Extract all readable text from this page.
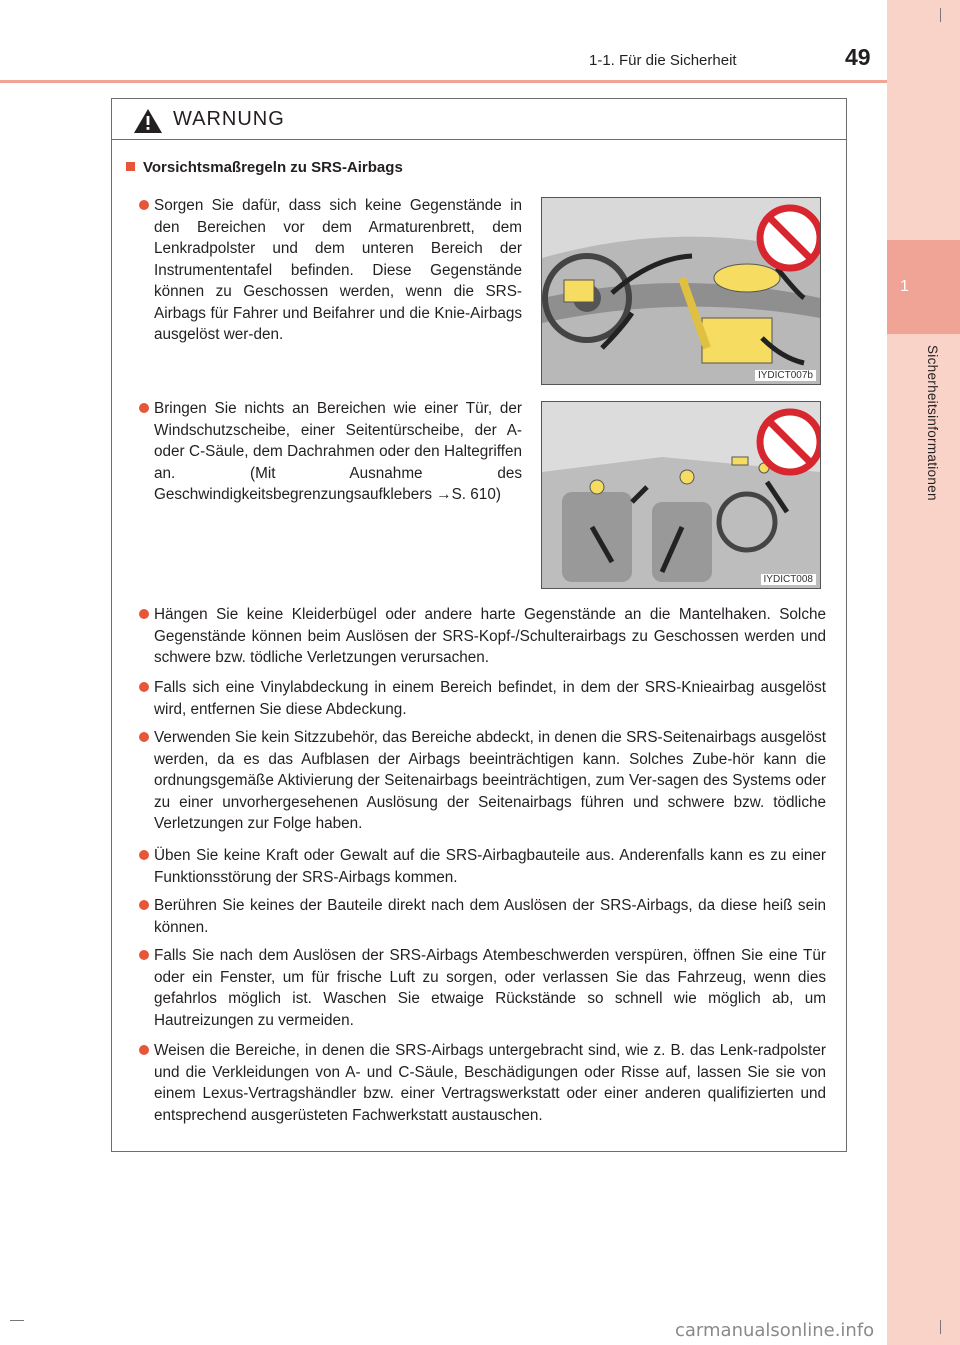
1-1. Für die Sicherheit	49
1
Sicherheitsinformationen
WARNUNG
Vorsichtsmaßregeln zu SRS-Airbags
Sorgen Sie dafür, dass sich keine Gegenstände in den Bereichen vor dem Armaturenbrett, dem Lenkradpolster und dem unteren Bereich der Instrumententafel befinden. Diese Gegenstände können zu Geschossen werden, wenn die SRS-Airbags für Fahrer und Beifahrer und die Knie-Airbags ausgelöst wer-den.
IYDICT007b
Bringen Sie nichts an Bereichen wie einer Tür, der Windschutzscheibe, einer Seitentürscheibe, der A- oder C-Säule, dem Dachrahmen oder den Haltegriffen an. (Mit Ausnahme des Geschwindigkeitsbegrenzungsaufklebers →S. 610)
IYDICT008
Hängen Sie keine Kleiderbügel oder andere harte Gegenstände an die Mantelhaken. Solche Gegenstände können beim Auslösen der SRS-Kopf-/Schulterairbags zu Geschossen werden und schwere bzw. tödliche Verletzungen verursachen.
Falls sich eine Vinylabdeckung in einem Bereich befindet, in dem der SRS-Knieairbag ausgelöst wird, entfernen Sie diese Abdeckung.
Verwenden Sie kein Sitzzubehör, das Bereiche abdeckt, in denen die SRS-Seitenairbags ausgelöst werden, da es das Aufblasen der Airbags beeinträchtigen kann. Solches Zube-hör kann die ordnungsgemäße Aktivierung der Seitenairbags beeinträchtigen, zum Ver-sagen des Systems oder zu einer unvorhergesehenen Auslösung der Seitenairbags führen und schwere bzw. tödliche Verletzungen zur Folge haben.
Üben Sie keine Kraft oder Gewalt auf die SRS-Airbagbauteile aus. Anderenfalls kann es zu einer Funktionsstörung der SRS-Airbags kommen.
Berühren Sie keines der Bauteile direkt nach dem Auslösen der SRS-Airbags, da diese heiß sein können.
Falls Sie nach dem Auslösen der SRS-Airbags Atembeschwerden verspüren, öffnen Sie eine Tür oder ein Fenster, um für frische Luft zu sorgen, oder verlassen Sie das Fahrzeug, wenn dies gefahrlos möglich ist. Waschen Sie etwaige Rückstände so schnell wie möglich ab, um Hautreizungen zu vermeiden.
Weisen die Bereiche, in denen die SRS-Airbags untergebracht sind, wie z. B. das Lenk-radpolster und die Verkleidungen von A- und C-Säule, Beschädigungen oder Risse auf, lassen Sie sie von einem Lexus-Vertragshändler bzw. einer Vertragswerkstatt oder einer anderen qualifizierten und entsprechend ausgerüsteten Fachwerkstatt austauschen.
carmanualsonline.info
